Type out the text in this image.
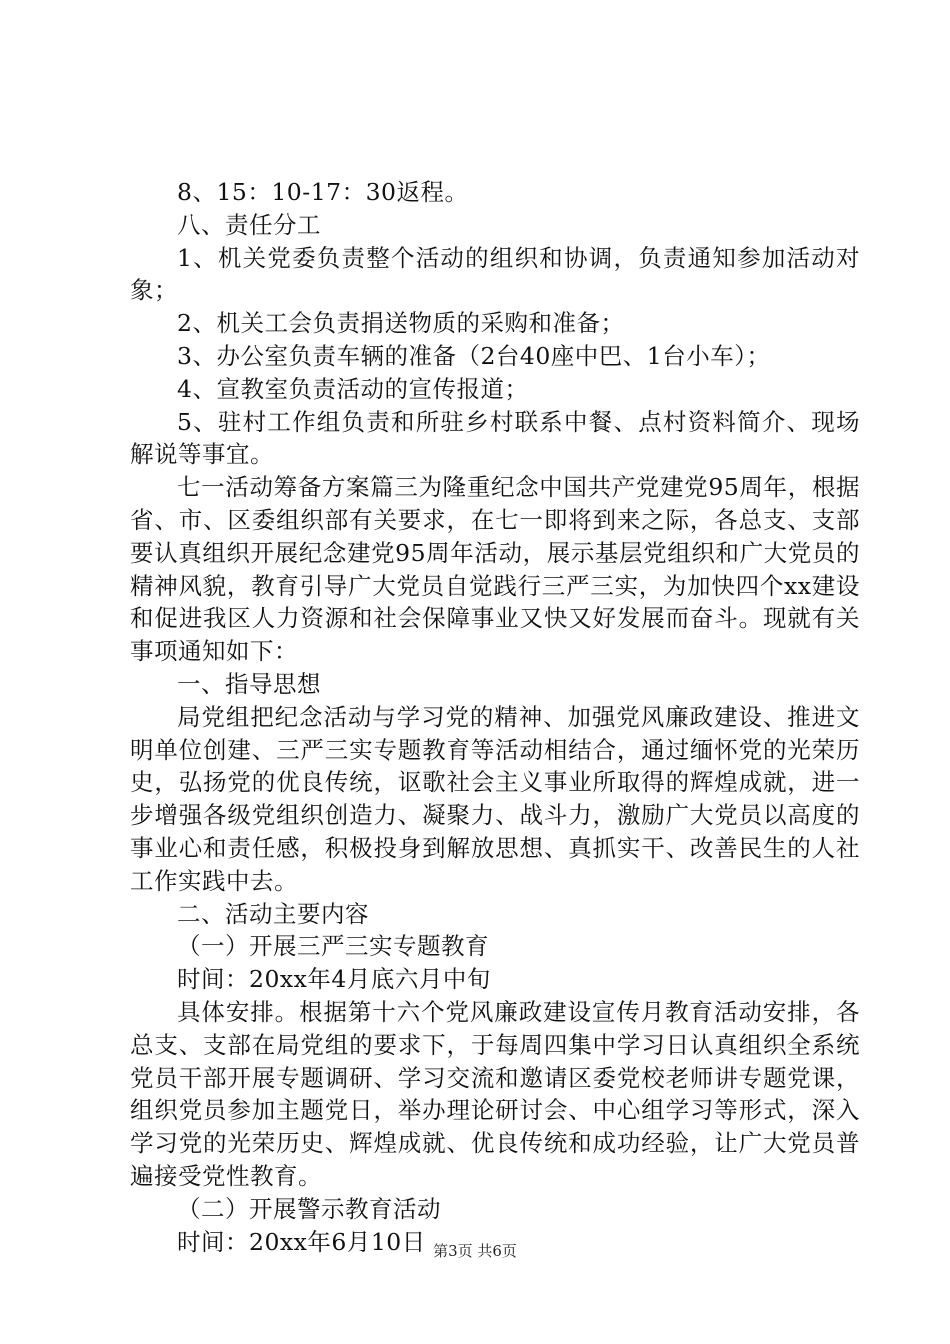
8、15：10-17：30返程。

八、责任分工

1、机关党委负责整个活动的组织和协调，负责通知参加活动对象；

2、机关工会负责捐送物质的采购和准备；

3、办公室负责车辆的准备（2台40座中巴、1台小车）；

4、宣教室负责活动的宣传报道；

5、驻村工作组负责和所驻乡村联系中餐、点村资料简介、现场解说等事宜。

七一活动筹备方案篇三为隆重纪念中国共产党建党95周年，根据省、市、区委组织部有关要求，在七一即将到来之际，各总支、支部要认真组织开展纪念建党95周年活动，展示基层党组织和广大党员的精神风貌，教育引导广大党员自觉践行三严三实，为加快四个xx建设和促进我区人力资源和社会保障事业又快又好发展而奋斗。现就有关事项通知如下：

一、指导思想

局党组把纪念活动与学习党的精神、加强党风廉政建设、推进文明单位创建、三严三实专题教育等活动相结合，通过缅怀党的光荣历史，弘扬党的优良传统，讴歌社会主义事业所取得的辉煌成就，进一步增强各级党组织创造力、凝聚力、战斗力，激励广大党员以高度的事业心和责任感，积极投身到解放思想、真抓实干、改善民生的人社工作实践中去。

二、活动主要内容

（一）开展三严三实专题教育

时间：20xx年4月底六月中旬

具体安排。根据第十六个党风廉政建设宣传月教育活动安排，各总支、支部在局党组的要求下，于每周四集中学习日认真组织全系统党员干部开展专题调研、学习交流和邀请区委党校老师讲专题党课，组织党员参加主题党日，举办理论研讨会、中心组学习等形式，深入学习党的光荣历史、辉煌成就、优良传统和成功经验，让广大党员普遍接受党性教育。

（二）开展警示教育活动

时间：20xx年6月10日 第3页 共6页
